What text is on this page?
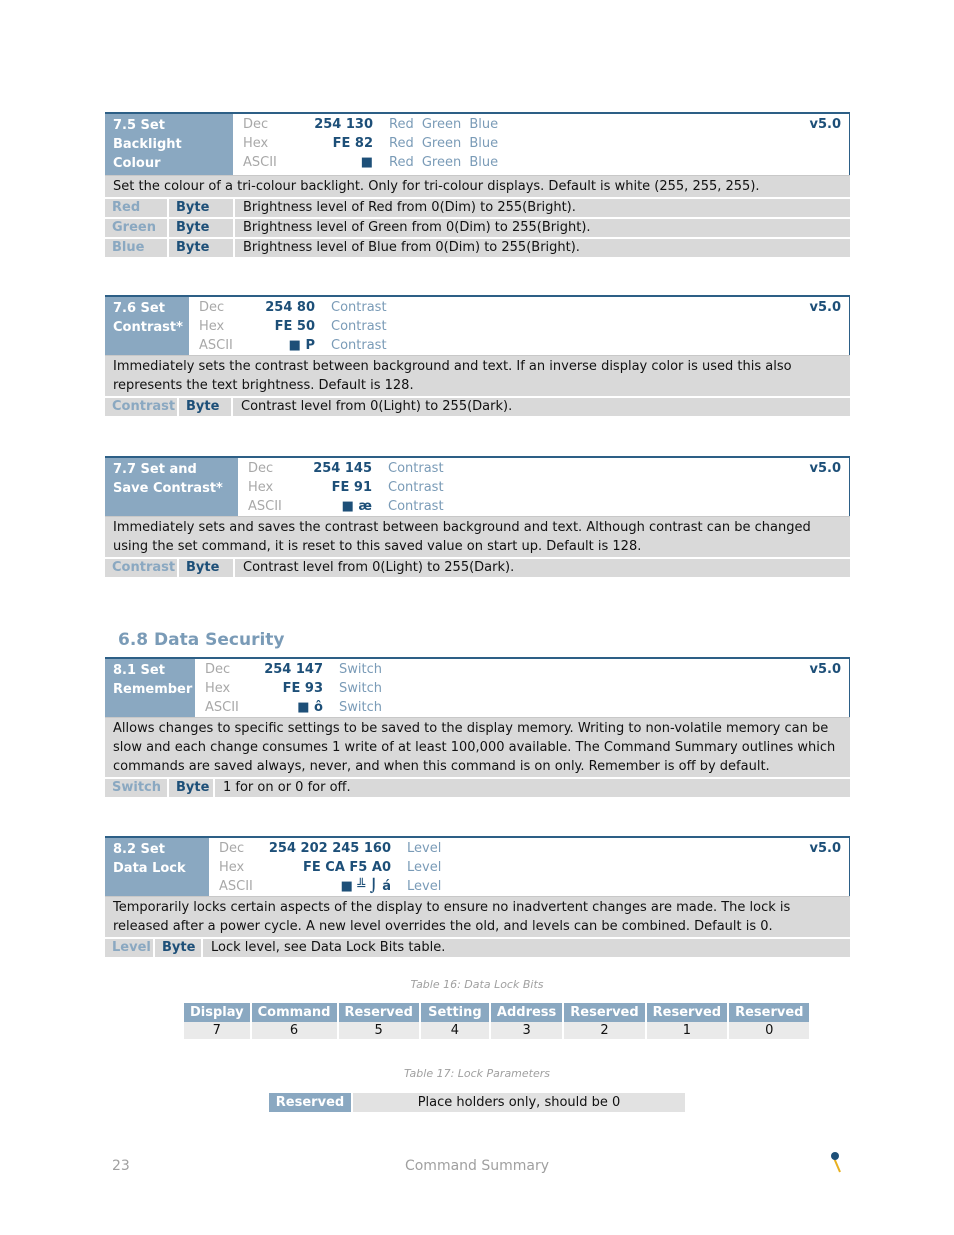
7.5 Set Backlight Colour
Dec	254 130 Red Green Blue
Hex	FE 82 Red Green Blue
ASCII	■ Red Green Blue
v5.0
Set the colour of a tri-colour backlight. Only for tri-colour displays. Default is white (255, 255, 255).
Red	Byte	Brightness level of Red from 0(Dim) to 255(Bright).
Green	Byte	Brightness level of Green from 0(Dim) to 255(Bright).
Blue	Byte	Brightness level of Blue from 0(Dim) to 255(Bright).
7.6 Set Contrast*
Dec	254 80 Contrast
Hex	FE 50 Contrast
ASCII	■ P Contrast
v5.0
Immediately sets the contrast between background and text. If an inverse display color is used this also represents the text brightness. Default is 128.
Contrast Byte	Contrast level from 0(Light) to 255(Dark).
7.7 Set and Save Contrast*
Dec	254 145 Contrast
Hex	FE 91 Contrast
ASCII	■ æ Contrast
v5.0
Immediately sets and saves the contrast between background and text. Although contrast can be changed using the set command, it is reset to this saved value on start up. Default is 128.
Contrast Byte	Contrast level from 0(Light) to 255(Dark).
6.8 Data Security
8.1 Set Remember
Dec	254 147 Switch
Hex	FE 93 Switch
ASCII	■ ô Switch
v5.0
Allows changes to specific settings to be saved to the display memory. Writing to non-volatile memory can be slow and each change consumes 1 write of at least 100,000 available. The Command Summary outlines which commands are saved always, never, and when this command is on only. Remember is off by default.
Switch	Byte	1 for on or 0 for off.
8.2 Set Data Lock
Dec	254 202 245 160 Level
Hex	FE CA F5 A0 Level
ASCII	■ ╩ ⌡ á Level
v5.0
Temporarily locks certain aspects of the display to ensure no inadvertent changes are made. The lock is released after a power cycle. A new level overrides the old, and levels can be combined. Default is 0.
Level Byte	Lock level, see Data Lock Bits table.
Table 16: Data Lock Bits
Display	Command	Reserved	Setting	Address	Reserved	Reserved	Reserved
7	6	5	4	3	2	1	0
Table 17: Lock Parameters
Reserved	Place holders only, should be 0
23	Command Summary
